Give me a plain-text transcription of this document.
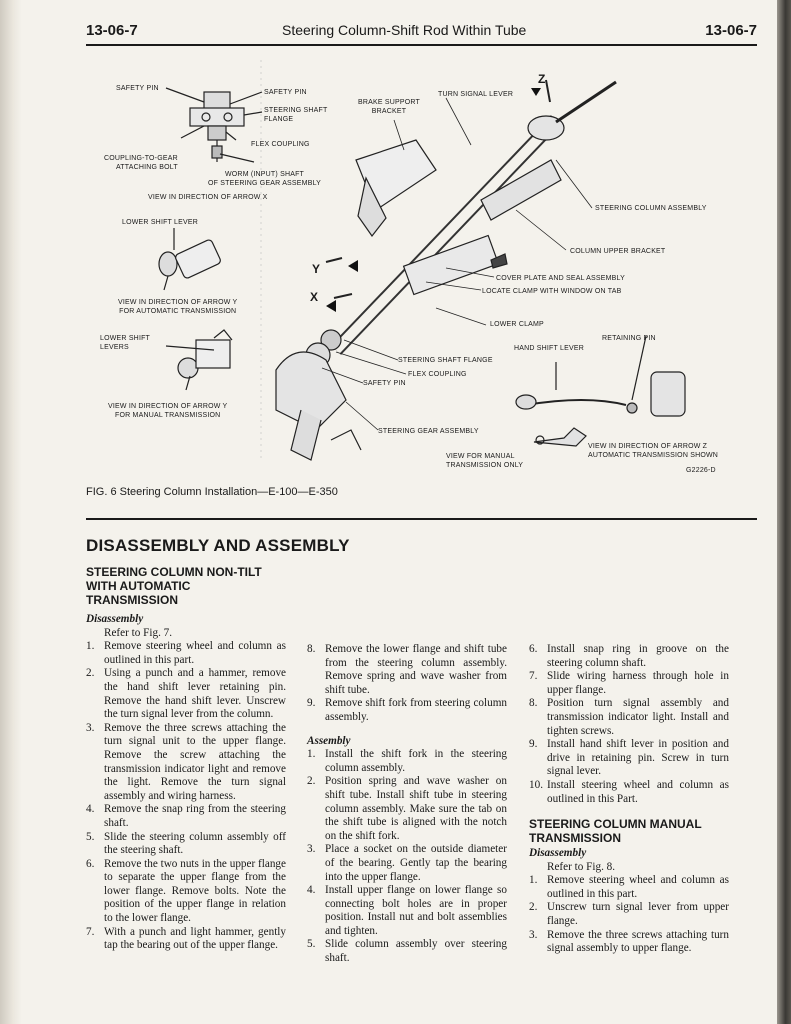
13-06-7	Steering Column-Shift Rod Within Tube	13-06-7
SAFETY PIN
SAFETY PIN
STEERING SHAFT
FLANGE
FLEX COUPLING
COUPLING-TO-GEAR
ATTACHING BOLT
WORM (INPUT) SHAFT
OF STEERING GEAR ASSEMBLY
VIEW IN DIRECTION OF ARROW X
LOWER SHIFT LEVER
VIEW IN DIRECTION OF ARROW Y
FOR AUTOMATIC TRANSMISSION
LOWER SHIFT
LEVERS
VIEW IN DIRECTION OF ARROW Y
FOR MANUAL TRANSMISSION
BRAKE SUPPORT
BRACKET
TURN SIGNAL LEVER
STEERING COLUMN ASSEMBLY
COLUMN UPPER BRACKET
COVER PLATE AND SEAL ASSEMBLY
LOCATE CLAMP WITH WINDOW ON TAB
LOWER CLAMP
RETAINING PIN
HAND SHIFT LEVER
STEERING SHAFT FLANGE
FLEX COUPLING
SAFETY PIN
STEERING GEAR ASSEMBLY
VIEW FOR MANUAL
TRANSMISSION ONLY
VIEW IN DIRECTION OF ARROW Z
AUTOMATIC TRANSMISSION SHOWN
G2226-D
Z
Y
X
FIG. 6 Steering Column Installation—E-100—E-350
DISASSEMBLY AND ASSEMBLY
STEERING COLUMN NON-TILT
WITH AUTOMATIC
TRANSMISSION
Disassembly
Refer to Fig. 7.
1. Remove steering wheel and column as outlined in this part.
2. Using a punch and a hammer, remove the hand shift lever retaining pin. Remove the hand shift lever. Unscrew the turn signal lever from the column.
3. Remove the three screws attaching the turn signal unit to the upper flange. Remove the screw attaching the transmission indicator light and remove the light. Remove the turn signal assembly and wiring harness.
4. Remove the snap ring from the steering shaft.
5. Slide the steering column assembly off the steering shaft.
6. Remove the two nuts in the upper flange to separate the upper flange from the lower flange. Remove bolts. Note the position of the upper flange in relation to the lower flange.
7. With a punch and light hammer, gently tap the bearing out of the upper flange.
8. Remove the lower flange and shift tube from the steering column assembly. Remove spring and wave washer from shift tube.
9. Remove shift fork from steering column assembly.
Assembly
1. Install the shift fork in the steering column assembly.
2. Position spring and wave washer on shift tube. Install shift tube in steering column assembly. Make sure the tab on the shift tube is aligned with the notch on the shift fork.
3. Place a socket on the outside diameter of the bearing. Gently tap the bearing into the upper flange.
4. Install upper flange on lower flange so connecting bolt holes are in proper position. Install nut and bolt assemblies and tighten.
5. Slide column assembly over steering shaft.
6. Install snap ring in groove on the steering column shaft.
7. Slide wiring harness through hole in upper flange.
8. Position turn signal assembly and transmission indicator light. Install and tighten screws.
9. Install hand shift lever in position and drive in retaining pin. Screw in turn signal lever.
10. Install steering wheel and column as outlined in this Part.
STEERING COLUMN MANUAL
TRANSMISSION
Disassembly
Refer to Fig. 8.
1. Remove steering wheel and column as outlined in this part.
2. Unscrew turn signal lever from upper flange.
3. Remove the three screws attaching turn signal assembly to upper flange.
